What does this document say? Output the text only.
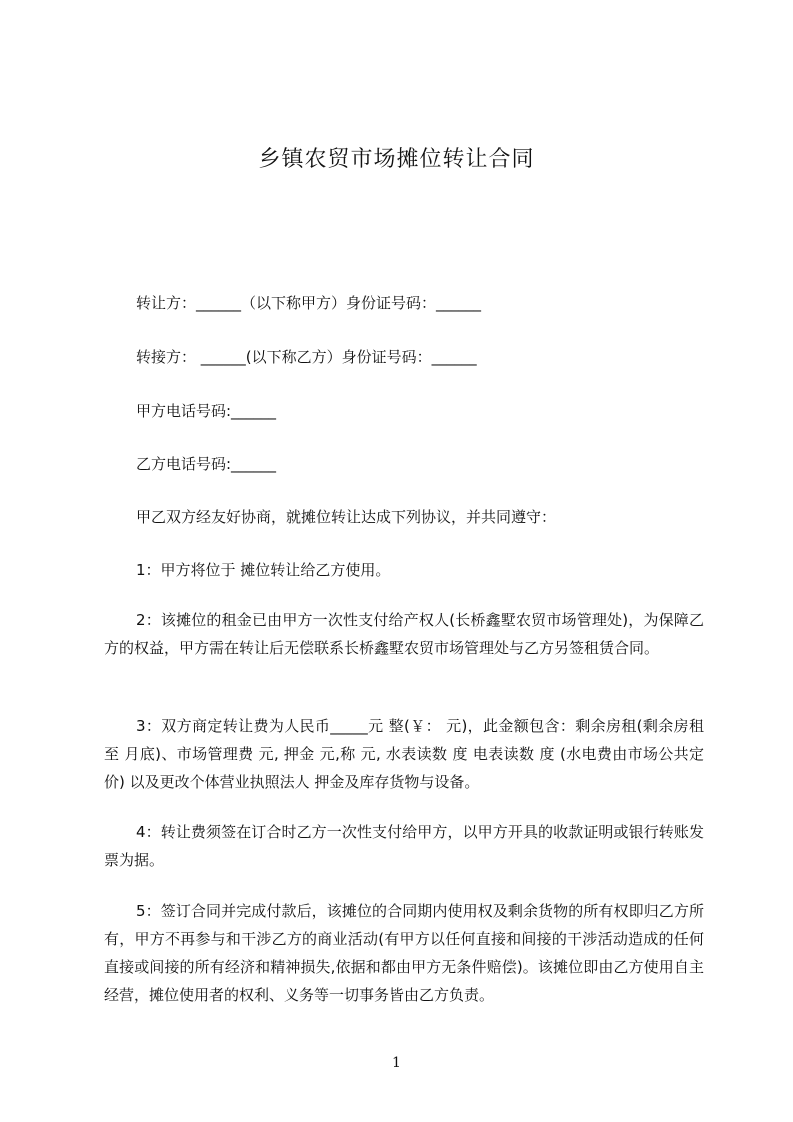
乡镇农贸市场摊位转让合同
转让方：______（以下称甲方）身份证号码：______
转接方： ______(以下称乙方）身份证号码：______
甲方电话号码:______
乙方电话号码:______
甲乙双方经友好协商，就摊位转让达成下列协议，并共同遵守：
1：甲方将位于 摊位转让给乙方使用。
2：该摊位的租金已由甲方一次性支付给产权人(长桥鑫墅农贸市场管理处)，为保障乙方的权益，甲方需在转让后无偿联系长桥鑫墅农贸市场管理处与乙方另签租赁合同。
3：双方商定转让费为人民币_____元 整(￥： 元)，此金额包含：剩余房租(剩余房租至 月底)、市场管理费 元, 押金 元,称 元, 水表读数 度 电表读数 度 (水电费由市场公共定价) 以及更改个体营业执照法人 押金及库存货物与设备。
4：转让费须签在订合时乙方一次性支付给甲方，以甲方开具的收款证明或银行转账发票为据。
5：签订合同并完成付款后，该摊位的合同期内使用权及剩余货物的所有权即归乙方所有，甲方不再参与和干涉乙方的商业活动(有甲方以任何直接和间接的干涉活动造成的任何直接或间接的所有经济和精神损失,依据和都由甲方无条件赔偿)。该摊位即由乙方使用自主经营，摊位使用者的权利、义务等一切事务皆由乙方负责。
1
